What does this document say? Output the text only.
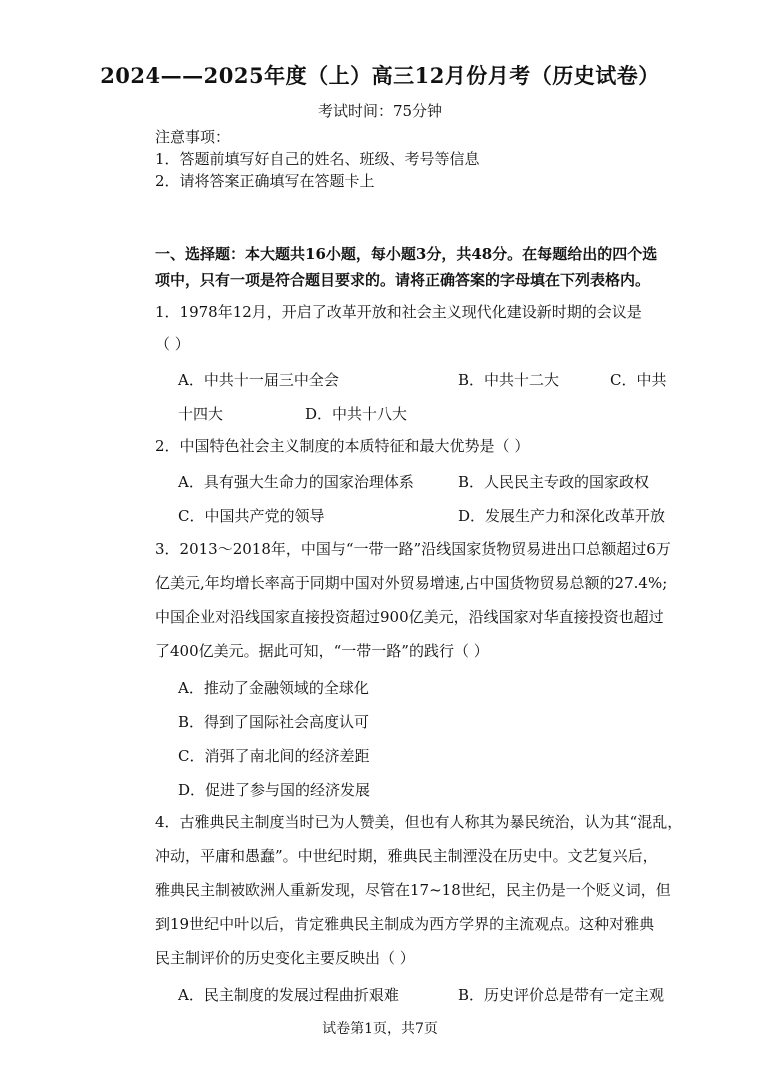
2024——2025年度（上）高三12月份月考（历史试卷）
考试时间：75分钟
注意事项：
1．答题前填写好自己的姓名、班级、考号等信息
2．请将答案正确填写在答题卡上
一、选择题：本大题共16小题，每小题3分，共48分。在每题给出的四个选
项中，只有一项是符合题目要求的。请将正确答案的字母填在下列表格内。
1．1978年12月，开启了改革开放和社会主义现代化建设新时期的会议是
（ ）
A．中共十一届三中全会	B．中共十二大	C．中共
十四大	D．中共十八大
2．中国特色社会主义制度的本质特征和最大优势是（ ）
A．具有强大生命力的国家治理体系	B．人民民主专政的国家政权
C．中国共产党的领导	D．发展生产力和深化改革开放
3．2013～2018年，中国与“一带一路”沿线国家货物贸易进出口总额超过6万
亿美元,年均增长率高于同期中国对外贸易增速,占中国货物贸易总额的27.4%;
中国企业对沿线国家直接投资超过900亿美元，沿线国家对华直接投资也超过
了400亿美元。据此可知，“一带一路”的践行（ ）
A．推动了金融领域的全球化
B．得到了国际社会高度认可
C．消弭了南北间的经济差距
D．促进了参与国的经济发展
4．古雅典民主制度当时已为人赞美，但也有人称其为暴民统治，认为其“混乱，
冲动，平庸和愚蠢”。中世纪时期，雅典民主制湮没在历史中。文艺复兴后，
雅典民主制被欧洲人重新发现，尽管在17~18世纪，民主仍是一个贬义词，但
到19世纪中叶以后，肯定雅典民主制成为西方学界的主流观点。这种对雅典
民主制评价的历史变化主要反映出（ ）
A．民主制度的发展过程曲折艰难	B．历史评价总是带有一定主观
试卷第1页，共7页
